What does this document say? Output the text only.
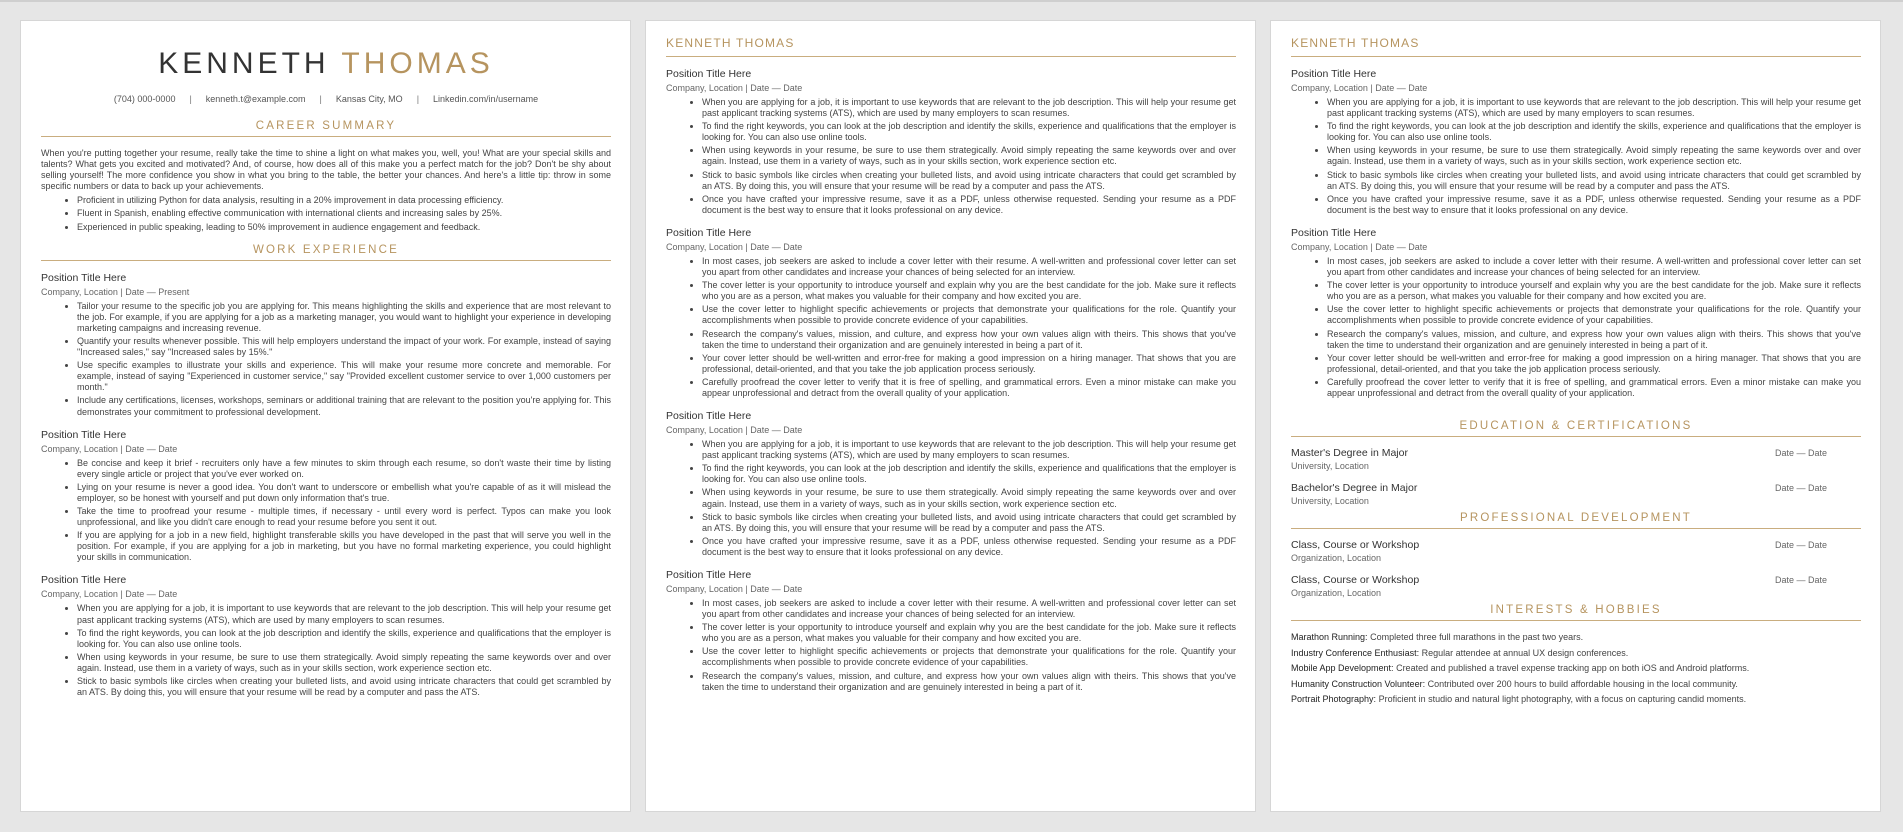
KENNETH THOMAS
(704) 000-0000 | kenneth.t@example.com | Kansas City, MO | Linkedin.com/in/username
CAREER SUMMARY

When you're putting together your resume, really take the time to shine a light on what makes you, well, you! What are your special skills and talents? What gets you excited and motivated? And, of course, how does all of this make you a perfect match for the job? Don't be shy about selling yourself! The more confidence you show in what you bring to the table, the better your chances. And here's a little tip: throw in some specific numbers or data to back up your achievements.

• Proficient in utilizing Python for data analysis, resulting in a 20% improvement in data processing efficiency.
• Fluent in Spanish, enabling effective communication with international clients and increasing sales by 25%.
• Experienced in public speaking, leading to 50% improvement in audience engagement and feedback.
WORK EXPERIENCE
Position Title Here
Company, Location | Date — Present
• Tailor your resume to the specific job you are applying for. This means highlighting the skills and experience that are most relevant to the job. For example, if you are applying for a job as a marketing manager, you would want to highlight your experience in developing marketing campaigns and increasing revenue.
• Quantify your results whenever possible. This will help employers understand the impact of your work. For example, instead of saying "Increased sales," say "Increased sales by 15%."
• Use specific examples to illustrate your skills and experience. This will make your resume more concrete and memorable. For example, instead of saying "Experienced in customer service," say "Provided excellent customer service to over 1,000 customers per month."
• Include any certifications, licenses, workshops, seminars or additional training that are relevant to the position you're applying for. This demonstrates your commitment to professional development.
Position Title Here
Company, Location | Date — Date
• Be concise and keep it brief - recruiters only have a few minutes to skim through each resume, so don't waste their time by listing every single article or project that you've ever worked on.
• Lying on your resume is never a good idea. You don't want to underscore or embellish what you're capable of as it will mislead the employer, so be honest with yourself and put down only information that's true.
• Take the time to proofread your resume - multiple times, if necessary - until every word is perfect. Typos can make you look unprofessional, and like you didn't care enough to read your resume before you sent it out.
• If you are applying for a job in a new field, highlight transferable skills you have developed in the past that will serve you well in the position. For example, if you are applying for a job in marketing, but you have no formal marketing experience, you could highlight your skills in communication.
Position Title Here
Company, Location | Date — Date
• When you are applying for a job, it is important to use keywords that are relevant to the job description. This will help your resume get past applicant tracking systems (ATS), which are used by many employers to scan resumes.
• To find the right keywords, you can look at the job description and identify the skills, experience and qualifications that the employer is looking for. You can also use online tools.
• When using keywords in your resume, be sure to use them strategically. Avoid simply repeating the same keywords over and over again. Instead, use them in a variety of ways, such as in your skills section, work experience section etc.
• Stick to basic symbols like circles when creating your bulleted lists, and avoid using intricate characters that could get scrambled by an ATS. By doing this, you will ensure that your resume will be read by a computer and pass the ATS.
KENNETH THOMAS
Position Title Here
Company, Location | Date — Date
• When you are applying for a job, it is important to use keywords that are relevant to the job description. This will help your resume get past applicant tracking systems (ATS), which are used by many employers to scan resumes.
• To find the right keywords, you can look at the job description and identify the skills, experience and qualifications that the employer is looking for. You can also use online tools.
• When using keywords in your resume, be sure to use them strategically. Avoid simply repeating the same keywords over and over again. Instead, use them in a variety of ways, such as in your skills section, work experience section etc.
• Stick to basic symbols like circles when creating your bulleted lists, and avoid using intricate characters that could get scrambled by an ATS. By doing this, you will ensure that your resume will be read by a computer and pass the ATS.
• Once you have crafted your impressive resume, save it as a PDF, unless otherwise requested. Sending your resume as a PDF document is the best way to ensure that it looks professional on any device.
Position Title Here
Company, Location | Date — Date
• In most cases, job seekers are asked to include a cover letter with their resume. A well-written and professional cover letter can set you apart from other candidates and increase your chances of being selected for an interview.
• The cover letter is your opportunity to introduce yourself and explain why you are the best candidate for the job. Make sure it reflects who you are as a person, what makes you valuable for their company and how excited you are.
• Use the cover letter to highlight specific achievements or projects that demonstrate your qualifications for the role. Quantify your accomplishments when possible to provide concrete evidence of your capabilities.
• Research the company's values, mission, and culture, and express how your own values align with theirs. This shows that you've taken the time to understand their organization and are genuinely interested in being a part of it.
• Your cover letter should be well-written and error-free for making a good impression on a hiring manager. That shows that you are professional, detail-oriented, and that you take the job application process seriously.
• Carefully proofread the cover letter to verify that it is free of spelling, and grammatical errors. Even a minor mistake can make you appear unprofessional and detract from the overall quality of your application.
Position Title Here
Company, Location | Date — Date
• When you are applying for a job, it is important to use keywords that are relevant to the job description. This will help your resume get past applicant tracking systems (ATS), which are used by many employers to scan resumes.
• To find the right keywords, you can look at the job description and identify the skills, experience and qualifications that the employer is looking for. You can also use online tools.
• When using keywords in your resume, be sure to use them strategically. Avoid simply repeating the same keywords over and over again. Instead, use them in a variety of ways, such as in your skills section, work experience section etc.
• Stick to basic symbols like circles when creating your bulleted lists, and avoid using intricate characters that could get scrambled by an ATS. By doing this, you will ensure that your resume will be read by a computer and pass the ATS.
• Once you have crafted your impressive resume, save it as a PDF, unless otherwise requested. Sending your resume as a PDF document is the best way to ensure that it looks professional on any device.
Position Title Here
Company, Location | Date — Date
• In most cases, job seekers are asked to include a cover letter with their resume. A well-written and professional cover letter can set you apart from other candidates and increase your chances of being selected for an interview.
• The cover letter is your opportunity to introduce yourself and explain why you are the best candidate for the job. Make sure it reflects who you are as a person, what makes you valuable for their company and how excited you are.
• Use the cover letter to highlight specific achievements or projects that demonstrate your qualifications for the role. Quantify your accomplishments when possible to provide concrete evidence of your capabilities.
• Research the company's values, mission, and culture, and express how your own values align with theirs. This shows that you've taken the time to understand their organization and are genuinely interested in being a part of it.
KENNETH THOMAS
Position Title Here
Company, Location | Date — Date
• When you are applying for a job, it is important to use keywords that are relevant to the job description. This will help your resume get past applicant tracking systems (ATS), which are used by many employers to scan resumes.
• To find the right keywords, you can look at the job description and identify the skills, experience and qualifications that the employer is looking for. You can also use online tools.
• When using keywords in your resume, be sure to use them strategically. Avoid simply repeating the same keywords over and over again. Instead, use them in a variety of ways, such as in your skills section, work experience section etc.
• Stick to basic symbols like circles when creating your bulleted lists, and avoid using intricate characters that could get scrambled by an ATS. By doing this, you will ensure that your resume will be read by a computer and pass the ATS.
• Once you have crafted your impressive resume, save it as a PDF, unless otherwise requested. Sending your resume as a PDF document is the best way to ensure that it looks professional on any device.
Position Title Here
Company, Location | Date — Date
• In most cases, job seekers are asked to include a cover letter with their resume. A well-written and professional cover letter can set you apart from other candidates and increase your chances of being selected for an interview.
• The cover letter is your opportunity to introduce yourself and explain why you are the best candidate for the job. Make sure it reflects who you are as a person, what makes you valuable for their company and how excited you are.
• Use the cover letter to highlight specific achievements or projects that demonstrate your qualifications for the role. Quantify your accomplishments when possible to provide concrete evidence of your capabilities.
• Research the company's values, mission, and culture, and express how your own values align with theirs. This shows that you've taken the time to understand their organization and are genuinely interested in being a part of it.
• Your cover letter should be well-written and error-free for making a good impression on a hiring manager. That shows that you are professional, detail-oriented, and that you take the job application process seriously.
• Carefully proofread the cover letter to verify that it is free of spelling, and grammatical errors. Even a minor mistake can make you appear unprofessional and detract from the overall quality of your application.
EDUCATION & CERTIFICATIONS
Master's Degree in Major	Date — Date
University, Location
Bachelor's Degree in Major	Date — Date
University, Location
PROFESSIONAL DEVELOPMENT
Class, Course or Workshop	Date — Date
Organization, Location
Class, Course or Workshop	Date — Date
Organization, Location
INTERESTS & HOBBIES
Marathon Running: Completed three full marathons in the past two years.
Industry Conference Enthusiast: Regular attendee at annual UX design conferences.
Mobile App Development: Created and published a travel expense tracking app on both iOS and Android platforms.
Humanity Construction Volunteer: Contributed over 200 hours to build affordable housing in the local community.
Portrait Photography: Proficient in studio and natural light photography, with a focus on capturing candid moments.
